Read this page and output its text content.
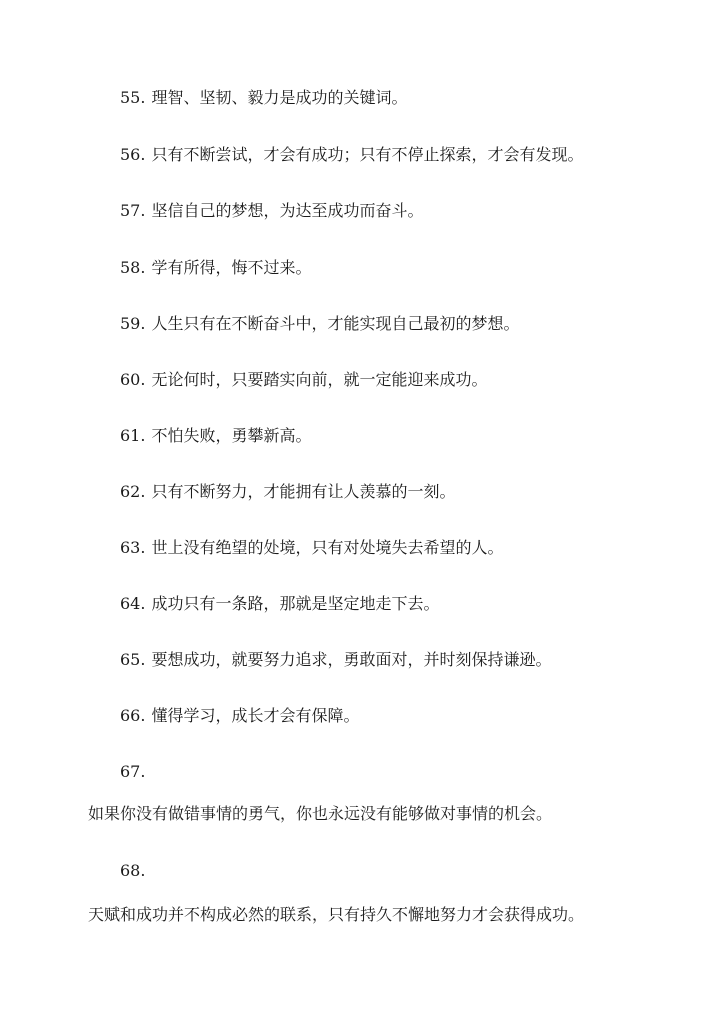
55. 理智、坚韧、毅力是成功的关键词。
56. 只有不断尝试，才会有成功；只有不停止探索，才会有发现。
57. 坚信自己的梦想，为达至成功而奋斗。
58. 学有所得，悔不过来。
59. 人生只有在不断奋斗中，才能实现自己最初的梦想。
60. 无论何时，只要踏实向前，就一定能迎来成功。
61. 不怕失败，勇攀新高。
62. 只有不断努力，才能拥有让人羡慕的一刻。
63. 世上没有绝望的处境，只有对处境失去希望的人。
64. 成功只有一条路，那就是坚定地走下去。
65. 要想成功，就要努力追求，勇敢面对，并时刻保持谦逊。
66. 懂得学习，成长才会有保障。
67.
如果你没有做错事情的勇气，你也永远没有能够做对事情的机会。
68.
天赋和成功并不构成必然的联系，只有持久不懈地努力才会获得成功。
